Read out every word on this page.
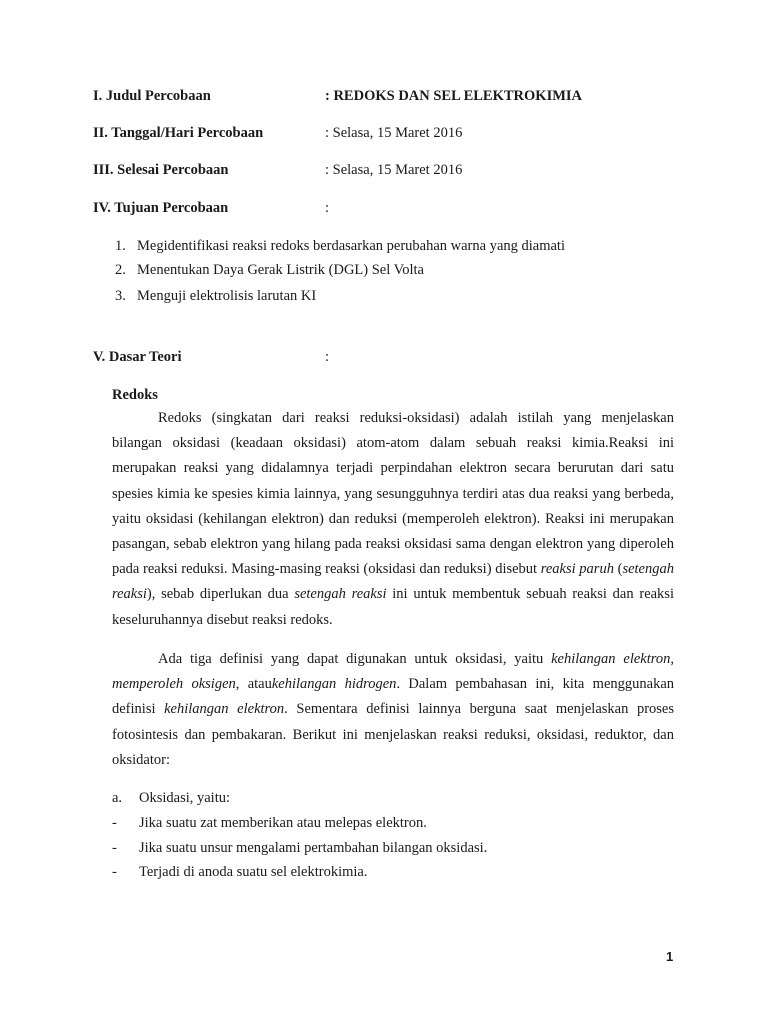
I. Judul Percobaan	: REDOKS DAN SEL ELEKTROKIMIA
II. Tanggal/Hari Percobaan	: Selasa, 15 Maret 2016
III. Selesai Percobaan	: Selasa, 15 Maret 2016
IV. Tujuan Percobaan	:
1. Megidentifikasi reaksi redoks berdasarkan perubahan warna yang diamati
2. Menentukan Daya Gerak Listrik (DGL) Sel Volta
3. Menguji elektrolisis larutan KI
V. Dasar Teori	:
Redoks
Redoks (singkatan dari reaksi reduksi-oksidasi) adalah istilah yang menjelaskan bilangan oksidasi (keadaan oksidasi) atom-atom dalam sebuah reaksi kimia.Reaksi ini merupakan reaksi yang didalamnya terjadi perpindahan elektron secara berurutan dari satu spesies kimia ke spesies kimia lainnya, yang sesungguhnya terdiri atas dua reaksi yang berbeda, yaitu oksidasi (kehilangan elektron) dan reduksi (memperoleh elektron). Reaksi ini merupakan pasangan, sebab elektron yang hilang pada reaksi oksidasi sama dengan elektron yang diperoleh pada reaksi reduksi. Masing-masing reaksi (oksidasi dan reduksi) disebut reaksi paruh (setengah reaksi), sebab diperlukan dua setengah reaksi ini untuk membentuk sebuah reaksi dan reaksi keseluruhannya disebut reaksi redoks.
Ada tiga definisi yang dapat digunakan untuk oksidasi, yaitu kehilangan elektron, memperoleh oksigen, ataukehilangan hidrogen. Dalam pembahasan ini, kita menggunakan definisi kehilangan elektron. Sementara definisi lainnya berguna saat menjelaskan proses fotosintesis dan pembakaran. Berikut ini menjelaskan reaksi reduksi, oksidasi, reduktor, dan oksidator:
a. Oksidasi, yaitu:
- Jika suatu zat memberikan atau melepas elektron.
- Jika suatu unsur mengalami pertambahan bilangan oksidasi.
- Terjadi di anoda suatu sel elektrokimia.
1
